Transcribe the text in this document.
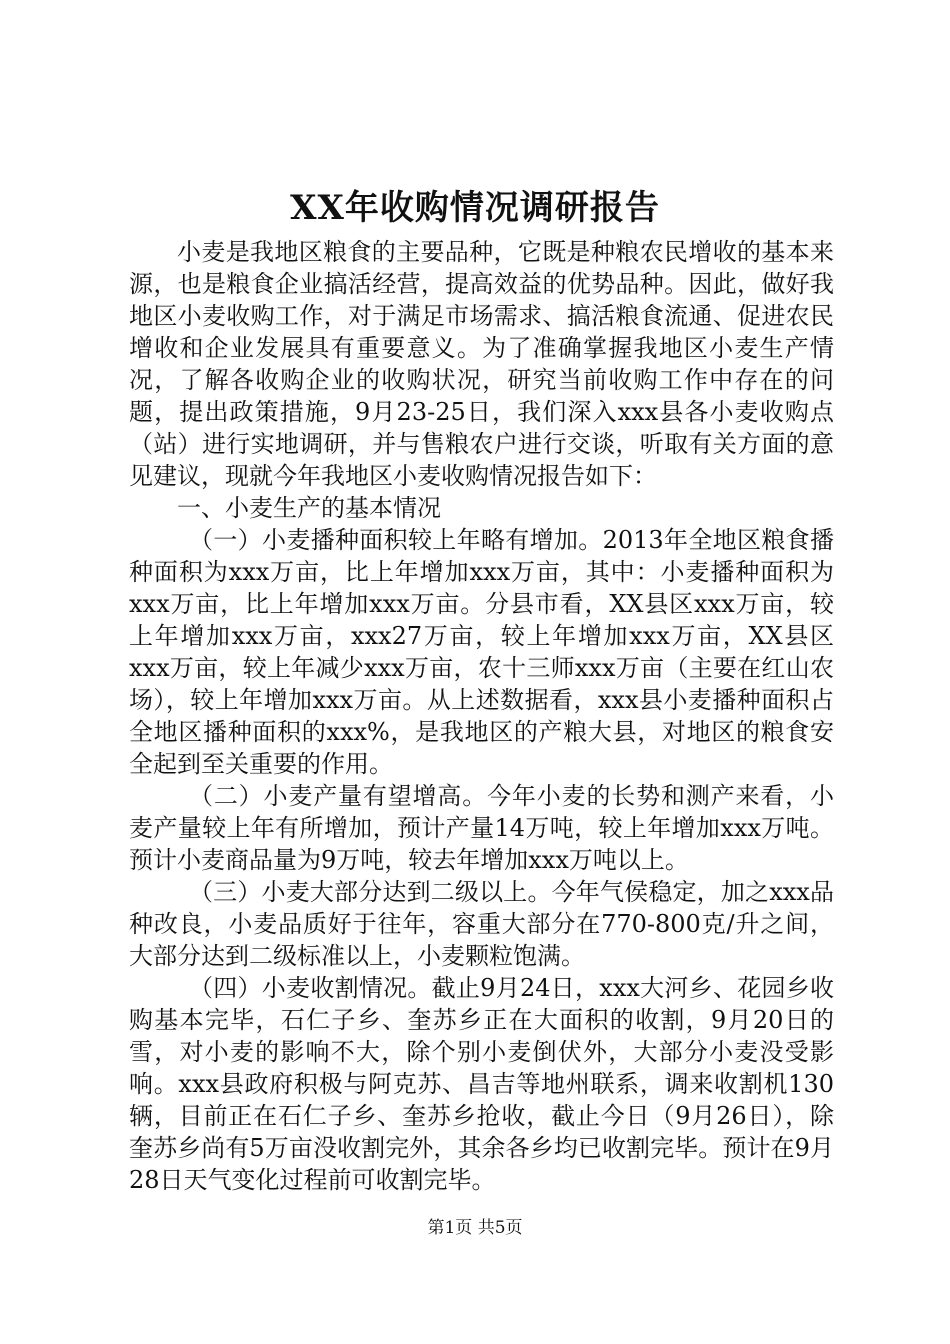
XX年收购情况调研报告

小麦是我地区粮食的主要品种，它既是种粮农民增收的基本来源，也是粮食企业搞活经营，提高效益的优势品种。因此，做好我地区小麦收购工作，对于满足市场需求、搞活粮食流通、促进农民增收和企业发展具有重要意义。为了准确掌握我地区小麦生产情况，了解各收购企业的收购状况，研究当前收购工作中存在的问题，提出政策措施，9月23-25日，我们深入xxx县各小麦收购点（站）进行实地调研，并与售粮农户进行交谈，听取有关方面的意见建议，现就今年我地区小麦收购情况报告如下：

一、小麦生产的基本情况

（一）小麦播种面积较上年略有增加。2013年全地区粮食播种面积为xxx万亩，比上年增加xxx万亩，其中：小麦播种面积为xxx万亩，比上年增加xxx万亩。分县市看，XX县区xxx万亩，较上年增加xxx万亩，xxx27万亩，较上年增加xxx万亩，XX县区xxx万亩，较上年减少xxx万亩，农十三师xxx万亩（主要在红山农场），较上年增加xxx万亩。从上述数据看，xxx县小麦播种面积占全地区播种面积的xxx%，是我地区的产粮大县，对地区的粮食安全起到至关重要的作用。

（二）小麦产量有望增高。今年小麦的长势和测产来看，小麦产量较上年有所增加，预计产量14万吨，较上年增加xxx万吨。预计小麦商品量为9万吨，较去年增加xxx万吨以上。

（三）小麦大部分达到二级以上。今年气侯稳定，加之xxx品种改良，小麦品质好于往年，容重大部分在770-800克/升之间，大部分达到二级标准以上，小麦颗粒饱满。

（四）小麦收割情况。截止9月24日，xxx大河乡、花园乡收购基本完毕，石仁子乡、奎苏乡正在大面积的收割，9月20日的雪，对小麦的影响不大，除个别小麦倒伏外，大部分小麦没受影响。xxx县政府积极与阿克苏、昌吉等地州联系，调来收割机130辆，目前正在石仁子乡、奎苏乡抢收，截止今日（9月26日），除奎苏乡尚有5万亩没收割完外，其余各乡均已收割完毕。预计在9月28日天气变化过程前可收割完毕。

第1页 共5页
